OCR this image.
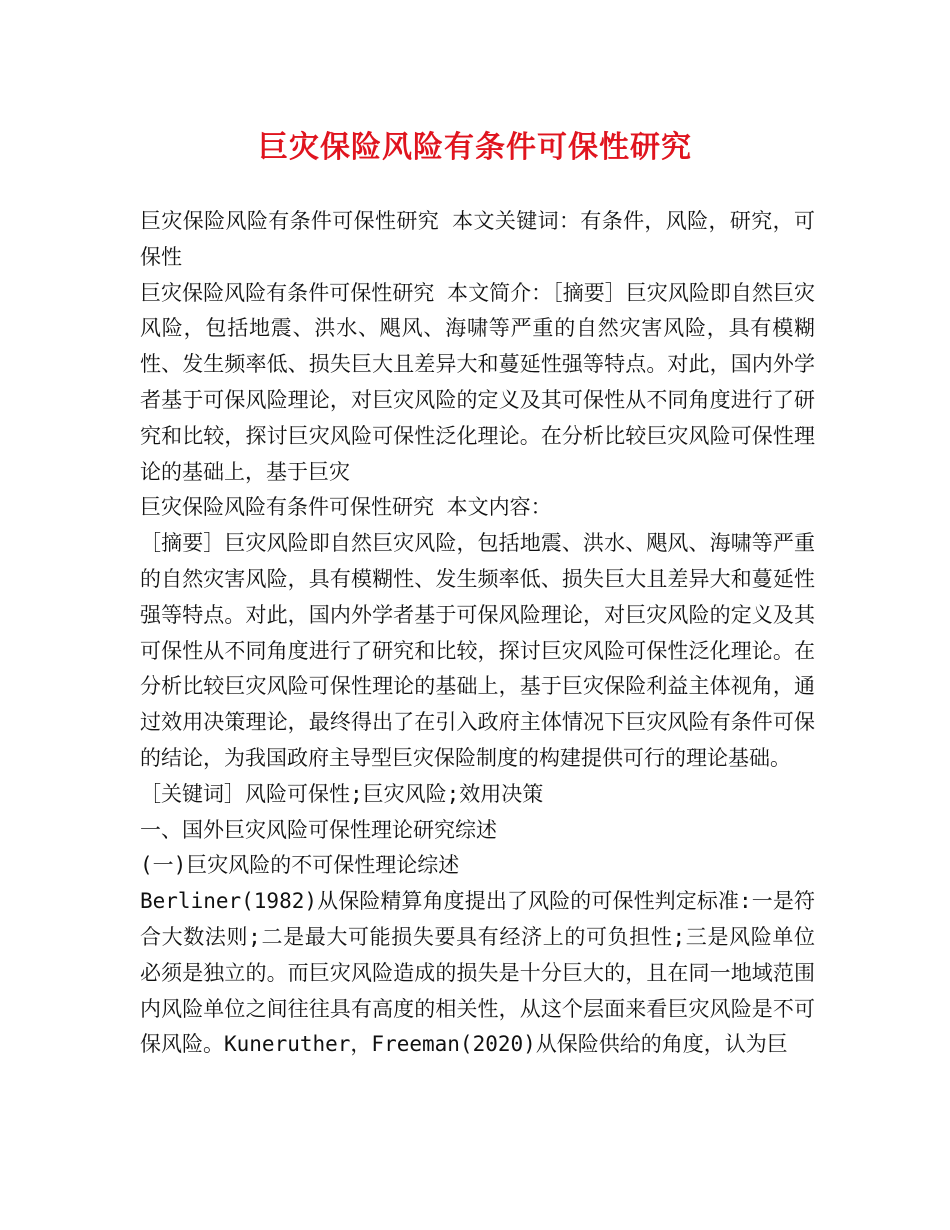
巨灾保险风险有条件可保性研究

巨灾保险风险有条件可保性研究 本文关键词：有条件，风险，研究，可保性

巨灾保险风险有条件可保性研究 本文简介：［摘要］巨灾风险即自然巨灾风险，包括地震、洪水、飓风、海啸等严重的自然灾害风险，具有模糊性、发生频率低、损失巨大且差异大和蔓延性强等特点。对此，国内外学者基于可保风险理论，对巨灾风险的定义及其可保性从不同角度进行了研究和比较，探讨巨灾风险可保性泛化理论。在分析比较巨灾风险可保性理论的基础上，基于巨灾

巨灾保险风险有条件可保性研究 本文内容：

［摘要］巨灾风险即自然巨灾风险，包括地震、洪水、飓风、海啸等严重的自然灾害风险，具有模糊性、发生频率低、损失巨大且差异大和蔓延性强等特点。对此，国内外学者基于可保风险理论，对巨灾风险的定义及其可保性从不同角度进行了研究和比较，探讨巨灾风险可保性泛化理论。在分析比较巨灾风险可保性理论的基础上，基于巨灾保险利益主体视角，通过效用决策理论，最终得出了在引入政府主体情况下巨灾风险有条件可保的结论，为我国政府主导型巨灾保险制度的构建提供可行的理论基础。

［关键词］风险可保性;巨灾风险;效用决策

一、国外巨灾风险可保性理论研究综述

(一)巨灾风险的不可保性理论综述

Berliner(1982)从保险精算角度提出了风险的可保性判定标准:一是符合大数法则;二是最大可能损失要具有经济上的可负担性;三是风险单位必须是独立的。而巨灾风险造成的损失是十分巨大的，且在同一地域范围内风险单位之间往往具有高度的相关性，从这个层面来看巨灾风险是不可保风险。Kuneruther，Freeman(2020)从保险供给的角度，认为巨
